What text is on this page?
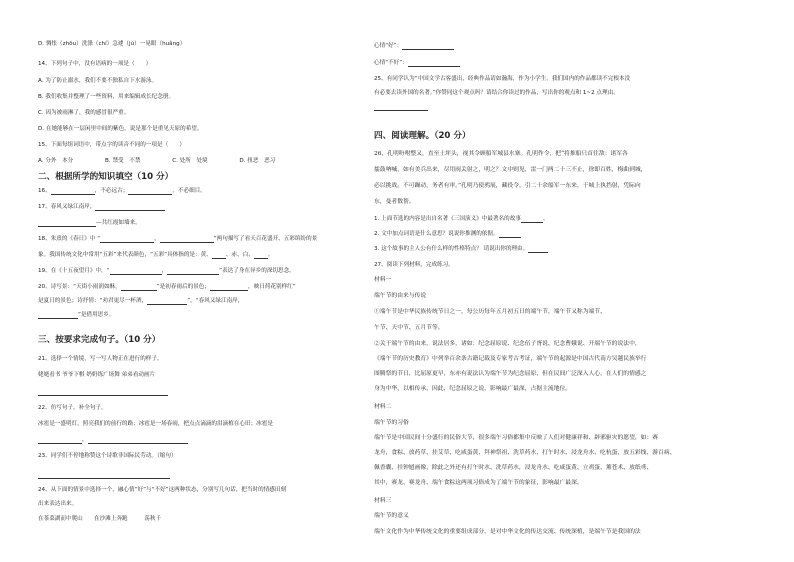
D. 惆怅（zhōu）洗涤（chí）急遽（jù）一晃眼（huǎng）
14、下列句子中，没有语病的一项是（　　）
A. 为了防止溺水，我们不要不独私自下水游泳。
B. 我们收集并整理了一些资料，用来编辑成长纪念册。
C. 因为被雨淋了，我的感冒很严重。
D. 在她能够在一层闲里中间的紫色，说是那个是重见天原的希望。
15、下面每组词语中，带点字的读音不同的一项是（　　）
A. 分外　本分	B. 禁受　不禁	C. 处所　处境	D. 扭恶　恶习
二、根据所学的知识填空（10 分）
16、	，不必远古；	，不必细目。
17、春风又绿江南岸，
—共红霞如墙来。
18、朱熹的《春日》中 “	，	”两句描写了看天百花盛开、五彩缤纷的景
象。我国传统文化中常用“五彩”来代表颜色，“五彩”具体指的是：黄、	、赤、白、	。
19、在《十五夜望月》中，“	，	”表达了身在异乡的深切思念。
20、诗写景：“天街小雨润如酥，	”是初春雨后的景色；	，映日荷花别样红”
是夏日的景色；诗抒情：“劝君更尽一杯酒，	”，“春风又绿江南岸，
”是借用思乡。
三、按要求完成句子。（10 分）
21、选择一个情境，写一写人物正在进行的样子。
姥姥看书 爷爷下棋 奶奶练广场舞 弟弟看动画片
22、仿写句子，补全句子。
冰雹是一盛明灯，照亮我们的前行的路；冰雹是一场春雨，把点点滴滴的泪滴植在心田；冰雹是
，
23、同学们不停地称赞这个诗歌非国际民劳动。（缩句）
24、从下面的情景中选择一个，融心情“好”与“不好”这两种状态，分别写几句话，把当时的情感田刻
出来表达出来。
在茶菜湖而中爬山　　在沙滩上奔跑　　　荡秋千
心情“好”：
心情“不好”：
25、有同学认为“中国文学古客盛出，经典作品请如瀚海，作为小学生，我们国内的作品都读不完根本没
有必要去读外国的名著。”你赞同这个观点吗？请结合你读过的作品，写出你的观点和 1~2 点理由。
四、阅读理解。（20 分）
26、孔明吩咐整又，直至土坪头，视其令顾船军城县水寨。孔明作令，把“将推船只首往敌：诸军各
擂鼓呐喊，如有美兵出来，尽用雨关射之，明之？文中则见，雷一门两二十三不止，徐即百姓，梅曲到城，
必以挑战。不可躁动，务者有审。”孔明乃使鸦展，藏役令，引二十余船军一东来，于城上执挡射，凭际向
东，曼者数帮。
1. 上面节选的内容是出自名著《三国演义》中最著名的故事	。
2. 文中加点词语是什么意思？说说你推测的依据。
3. 这个故事的主人公有什么样的性格特点？ 请说出你的理由。
27、阅读下列材料，完成练习。
材料一
端午节的由来与传说
①端午节是中华民族传统节日之一，每公历每年五月初五日的端午节，端午节又称为端节、
午节、天中节、五月节等。
②关于端午节的由来，说法居多，诸如：纪念屈原说、纪念伍子胥说、纪念曹娥说、开端午节的说法中，
《端午节的历史教育》中列举百余条古籍记载及专家考古考证，端午节的起源是中国古代南方吴越民族举行
图腾祭的节日，比屈原更早，东亦有说法认为端午节为纪念屈原，但在民间广泛深入人心，在人们的情感之
身为中华，以相传承，因此，纪念屈原之说，影响最广最深，占据主流地位。
材料二
端午节的习俗
端午节是中国民间十分盛行的民俗大节，很多端午习俗都集中反映了人们对健康祥和、辟邪驱灾的愿望，如：赛
龙舟，食粽、放药草、挂艾草、吃咸蛋黄、拜神祭祖、洗草药水、打午时水、浸龙舟水、吃杭蛋，放五彩线、游百病、
佩香囊、挂钟馗画像，除此之外还有打午时水、洗草药水，浸龙舟水、吃咸蛋黄、立鸡蛋、薰苍术、放纸鸢、
其中，赛龙、赛龙舟、端午食粽这两项习俗成为了端午节的象征，影响最广最深。
材料三
端午节的意义
端午文化作为中华传统文化的重要组成部分，是对中华文化的传达交流、传统深植，是端午节是我国的法
